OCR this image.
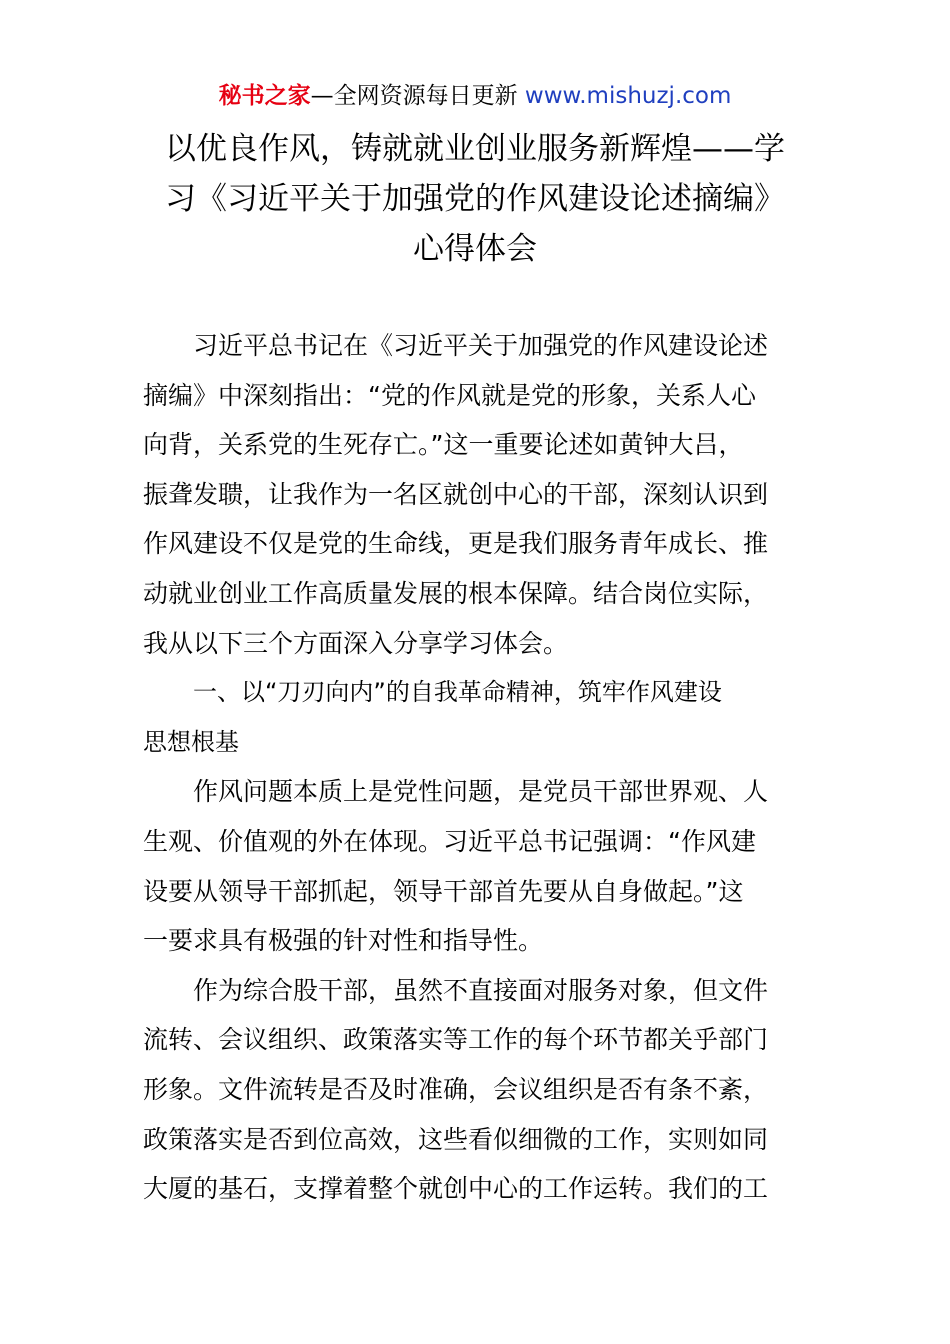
秘书之家—全网资源每日更新 www.mishuzj.com
以优良作风，铸就就业创业服务新辉煌——学
习《习近平关于加强党的作风建设论述摘编》
心得体会
习近平总书记在《习近平关于加强党的作风建设论述
摘编》中深刻指出：“党的作风就是党的形象，关系人心
向背，关系党的生死存亡。”这一重要论述如黄钟大吕，
振聋发聩，让我作为一名区就创中心的干部，深刻认识到
作风建设不仅是党的生命线，更是我们服务青年成长、推
动就业创业工作高质量发展的根本保障。结合岗位实际，
我从以下三个方面深入分享学习体会。
一、以“刀刃向内”的自我革命精神，筑牢作风建设
思想根基
作风问题本质上是党性问题，是党员干部世界观、人
生观、价值观的外在体现。习近平总书记强调：“作风建
设要从领导干部抓起，领导干部首先要从自身做起。”这
一要求具有极强的针对性和指导性。
作为综合股干部，虽然不直接面对服务对象，但文件
流转、会议组织、政策落实等工作的每个环节都关乎部门
形象。文件流转是否及时准确，会议组织是否有条不紊，
政策落实是否到位高效，这些看似细微的工作，实则如同
大厦的基石，支撑着整个就创中心的工作运转。我们的工
